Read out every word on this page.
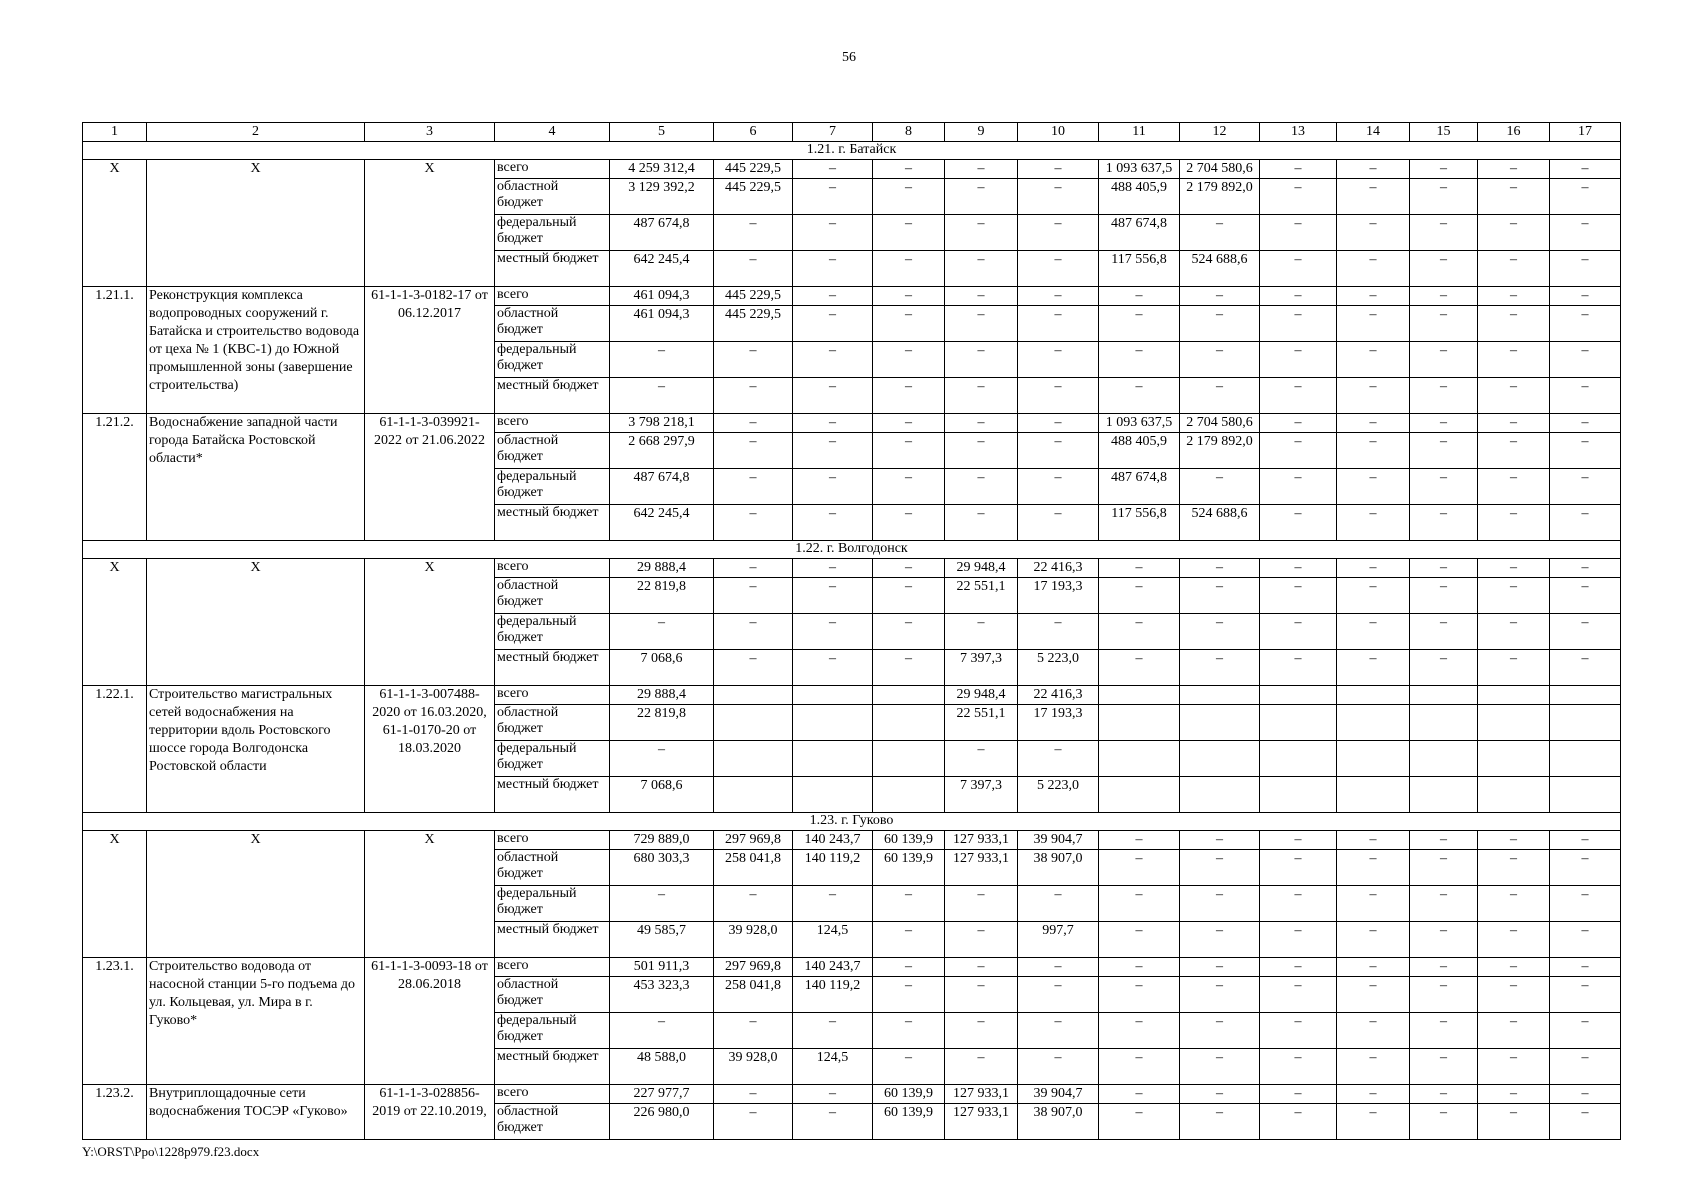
56
1	2	3	4	5	6	7	8	9	10	11	12	13	14	15	16	17
1.21. г. Батайск																
X	X	X	всего	4 259 312,4	445 229,5	–	–	–	–	1 093 637,5	2 704 580,6	–	–	–	–	–
			областной бюджет	3 129 392,2	445 229,5	–	–	–	–	488 405,9	2 179 892,0	–	–	–	–	–
			федеральный бюджет	487 674,8	–	–	–	–	–	487 674,8	–	–	–	–	–	–
			местный бюджет	642 245,4	–	–	–	–	–	117 556,8	524 688,6	–	–	–	–	–
1.21.1.	Реконструкция комплекса водопроводных сооружений г. Батайска и строительство водовода от цеха № 1 (КВС-1) до Южной промышленной зоны (завершение строительства)	61-1-1-3-0182-17 от 06.12.2017	всего	461 094,3	445 229,5	–	–	–	–	–	–	–	–	–	–	–
			областной бюджет	461 094,3	445 229,5	–	–	–	–	–	–	–	–	–	–	–
			федеральный бюджет	–	–	–	–	–	–	–	–	–	–	–	–	–
			местный бюджет	–	–	–	–	–	–	–	–	–	–	–	–	–
1.21.2.	Водоснабжение западной части города Батайска Ростовской области*	61-1-1-3-039921-2022 от 21.06.2022	всего	3 798 218,1	–	–	–	–	–	1 093 637,5	2 704 580,6	–	–	–	–	–
			областной бюджет	2 668 297,9	–	–	–	–	–	488 405,9	2 179 892,0	–	–	–	–	–
			федеральный бюджет	487 674,8	–	–	–	–	–	487 674,8	–	–	–	–	–	–
			местный бюджет	642 245,4	–	–	–	–	–	117 556,8	524 688,6	–	–	–	–	–
1.22. г. Волгодонск																
X	X	X	всего	29 888,4	–	–	–	29 948,4	22 416,3	–	–	–	–	–	–	–
			областной бюджет	22 819,8	–	–	–	22 551,1	17 193,3	–	–	–	–	–	–	–
			федеральный бюджет	–	–	–	–	–	–	–	–	–	–	–	–	–
			местный бюджет	7 068,6	–	–	–	7 397,3	5 223,0	–	–	–	–	–	–	–
1.22.1.	Строительство магистральных сетей водоснабжения на территории вдоль Ростовского шоссе города Волгодонска Ростовской области	61-1-1-3-007488-2020 от 16.03.2020, 61-1-0170-20 от 18.03.2020	всего	29 888,4				29 948,4	22 416,3							
			областной бюджет	22 819,8				22 551,1	17 193,3							
			федеральный бюджет	–				–	–							
			местный бюджет	7 068,6				7 397,3	5 223,0							
1.23. г. Гуково																
X	X	X	всего	729 889,0	297 969,8	140 243,7	60 139,9	127 933,1	39 904,7	–	–	–	–	–	–	–
			областной бюджет	680 303,3	258 041,8	140 119,2	60 139,9	127 933,1	38 907,0	–	–	–	–	–	–	–
			федеральный бюджет	–	–	–	–	–	–	–	–	–	–	–	–	–
			местный бюджет	49 585,7	39 928,0	124,5	–	–	997,7	–	–	–	–	–	–	–
1.23.1.	Строительство водовода от насосной станции 5-го подъема до ул. Кольцевая, ул. Мира в г. Гуково*	61-1-1-3-0093-18 от 28.06.2018	всего	501 911,3	297 969,8	140 243,7	–	–	–	–	–	–	–	–	–	–
			областной бюджет	453 323,3	258 041,8	140 119,2	–	–	–	–	–	–	–	–	–	–
			федеральный бюджет	–	–	–	–	–	–	–	–	–	–	–	–	–
			местный бюджет	48 588,0	39 928,0	124,5	–	–	–	–	–	–	–	–	–	–
1.23.2.	Внутриплощадочные сети водоснабжения ТОСЭР «Гуково»	61-1-1-3-028856-2019 от 22.10.2019,	всего	227 977,7	–	–	60 139,9	127 933,1	39 904,7	–	–	–	–	–	–	–
			областной бюджет	226 980,0	–	–	60 139,9	127 933,1	38 907,0	–	–	–	–	–	–	–
Y:\ORST\Ppo\1228p979.f23.docx
